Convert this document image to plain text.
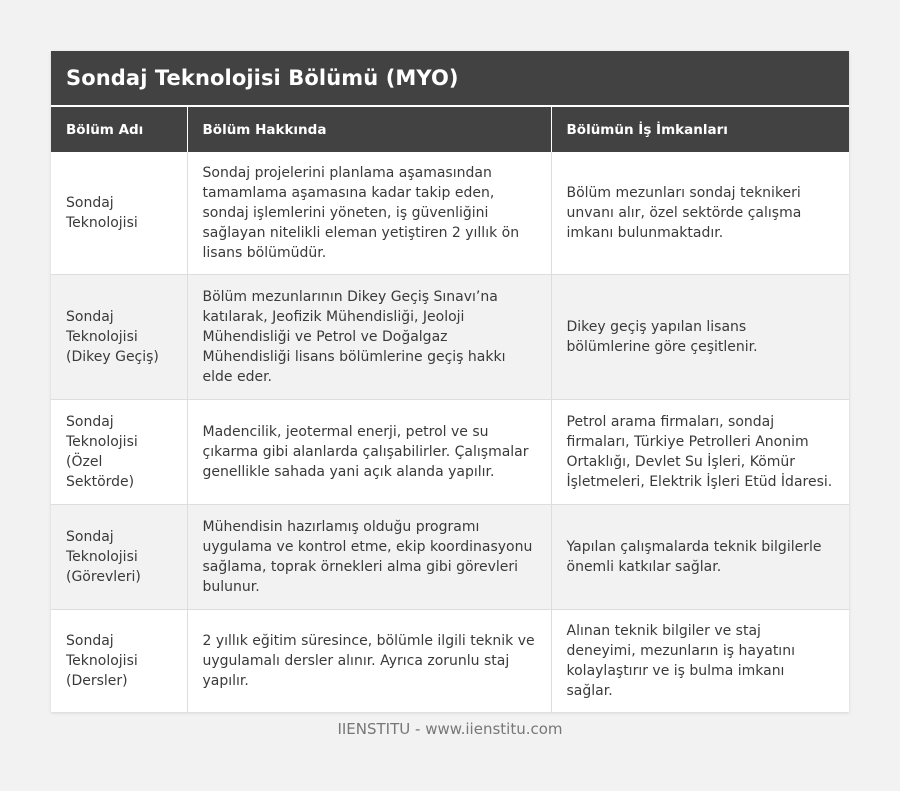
Sondaj Teknolojisi Bölümü (MYO)
Bölüm Adı	Bölüm Hakkında	Bölümün İş İmkanları
Sondaj Teknolojisi	Sondaj projelerini planlama aşamasından tamamlama aşamasına kadar takip eden, sondaj işlemlerini yöneten, iş güvenliğini sağlayan nitelikli eleman yetiştiren 2 yıllık ön lisans bölümüdür.	Bölüm mezunları sondaj teknikeri unvanı alır, özel sektörde çalışma imkanı bulunmaktadır.
Sondaj Teknolojisi (Dikey Geçiş)	Bölüm mezunlarının Dikey Geçiş Sınavı’na katılarak, Jeofizik Mühendisliği, Jeoloji Mühendisliği ve Petrol ve Doğalgaz Mühendisliği lisans bölümlerine geçiş hakkı elde eder.	Dikey geçiş yapılan lisans bölümlerine göre çeşitlenir.
Sondaj Teknolojisi (Özel Sektörde)	Madencilik, jeotermal enerji, petrol ve su çıkarma gibi alanlarda çalışabilirler. Çalışmalar genellikle sahada yani açık alanda yapılır.	Petrol arama firmaları, sondaj firmaları, Türkiye Petrolleri Anonim Ortaklığı, Devlet Su İşleri, Kömür İşletmeleri, Elektrik İşleri Etüd İdaresi.
Sondaj Teknolojisi (Görevleri)	Mühendisin hazırlamış olduğu programı uygulama ve kontrol etme, ekip koordinasyonu sağlama, toprak örnekleri alma gibi görevleri bulunur.	Yapılan çalışmalarda teknik bilgilerle önemli katkılar sağlar.
Sondaj Teknolojisi (Dersler)	2 yıllık eğitim süresince, bölümle ilgili teknik ve uygulamalı dersler alınır. Ayrıca zorunlu staj yapılır.	Alınan teknik bilgiler ve staj deneyimi, mezunların iş hayatını kolaylaştırır ve iş bulma imkanı sağlar.
IIENSTITU - www.iienstitu.com
